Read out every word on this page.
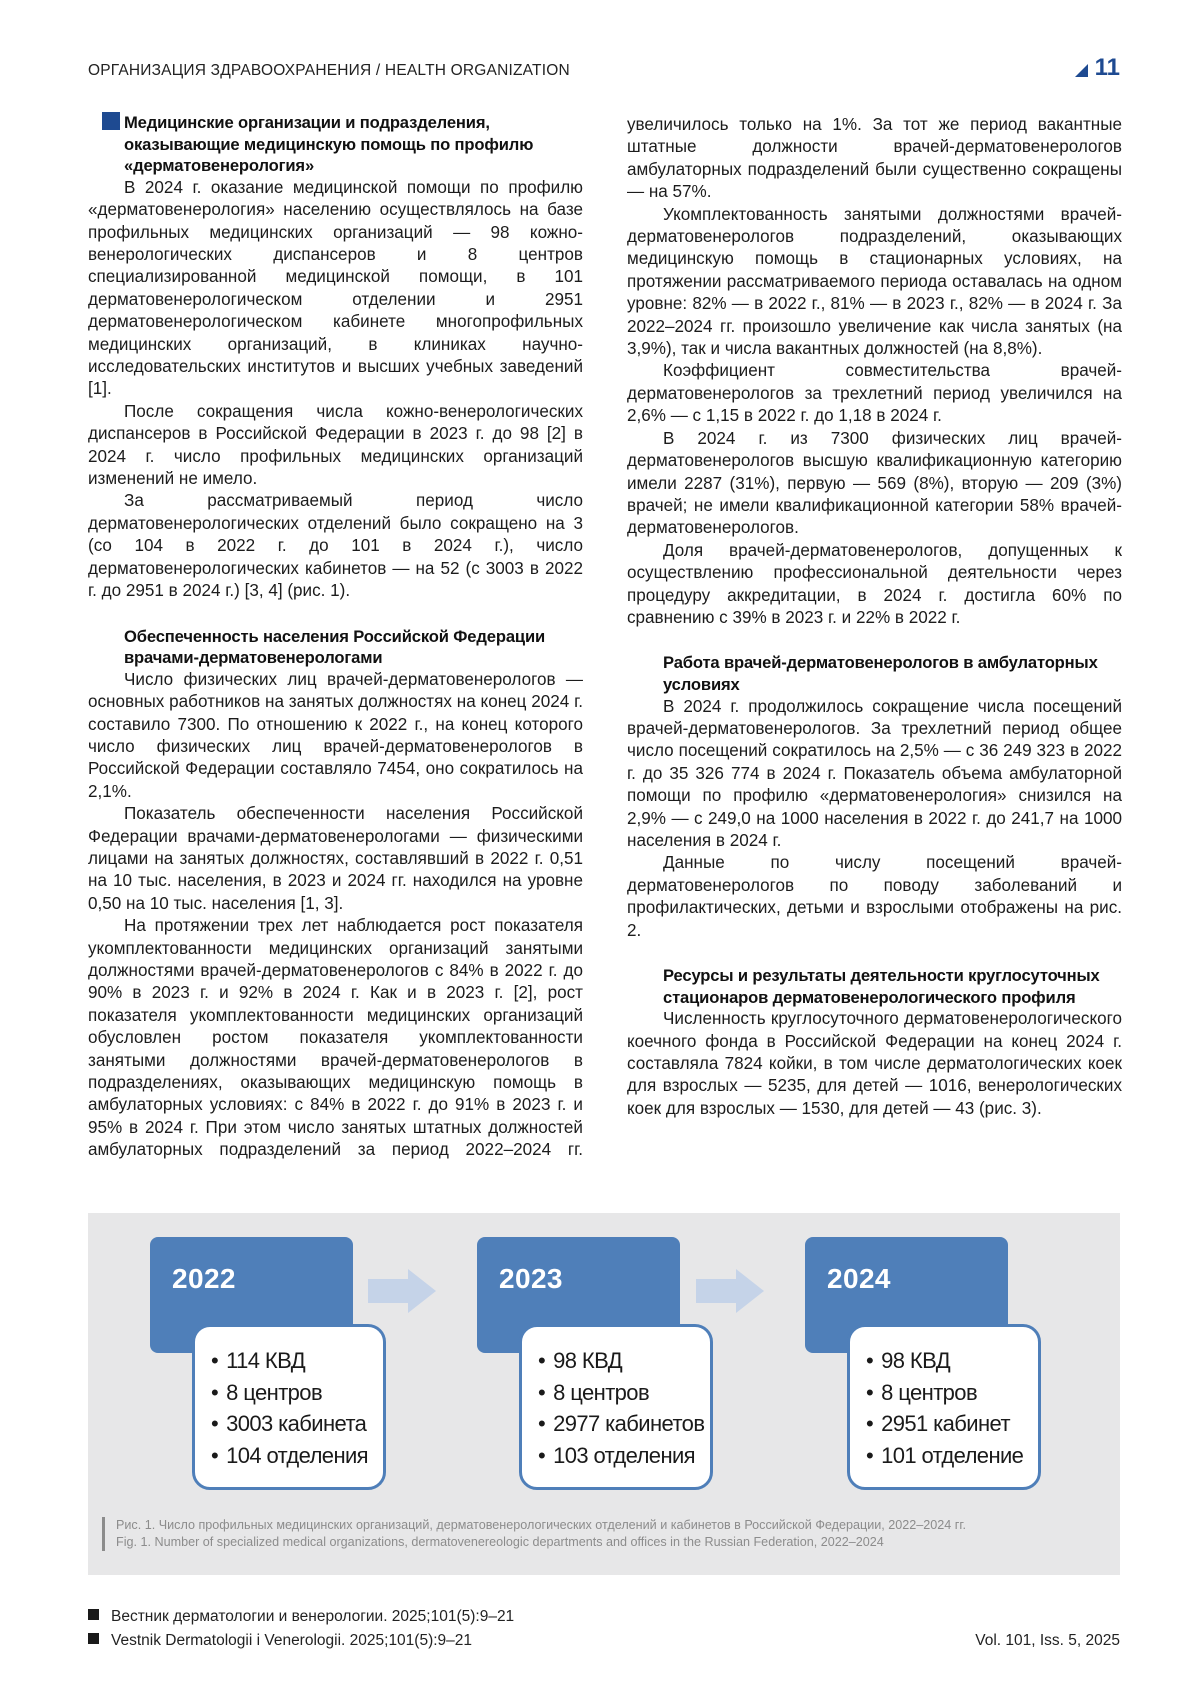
ОРГАНИЗАЦИЯ ЗДРАВООХРАНЕНИЯ / HEALTH ORGANIZATION	11
Медицинские организации и подразделения, оказывающие медицинскую помощь по профилю «дерматовенерология»

В 2024 г. оказание медицинской помощи по профилю «дерматовенерология» населению осуществлялось на базе профильных медицинских организаций — 98 кожно-венерологических диспансеров и 8 центров специализированной медицинской помощи, в 101 дерматовенерологическом отделении и 2951 дерматовенерологическом кабинете многопрофильных медицинских организаций, в клиниках научно-исследовательских институтов и высших учебных заведений [1].

После сокращения числа кожно-венерологических диспансеров в Российской Федерации в 2023 г. до 98 [2] в 2024 г. число профильных медицинских организаций изменений не имело.

За рассматриваемый период число дерматовенерологических отделений было сокращено на 3 (со 104 в 2022 г. до 101 в 2024 г.), число дерматовенерологических кабинетов — на 52 (с 3003 в 2022 г. до 2951 в 2024 г.) [3, 4] (рис. 1).

Обеспеченность населения Российской Федерации врачами-дерматовенерологами

Число физических лиц врачей-дерматовенерологов — основных работников на занятых должностях на конец 2024 г. составило 7300. По отношению к 2022 г., на конец которого число физических лиц врачей-дерматовенерологов в Российской Федерации составляло 7454, оно сократилось на 2,1%.

Показатель обеспеченности населения Российской Федерации врачами-дерматовенерологами — физическими лицами на занятых должностях, составлявший в 2022 г. 0,51 на 10 тыс. населения, в 2023 и 2024 гг. находился на уровне 0,50 на 10 тыс. населения [1, 3].

На протяжении трех лет наблюдается рост показателя укомплектованности медицинских организаций занятыми должностями врачей-дерматовенерологов с 84% в 2022 г. до 90% в 2023 г. и 92% в 2024 г. Как и в 2023 г. [2], рост показателя укомплектованности медицинских организаций обусловлен ростом показателя укомплектованности занятыми должностями врачей-дерматовенерологов в подразделениях, оказывающих медицинскую помощь в амбулаторных условиях: с 84% в 2022 г. до 91% в 2023 г. и 95% в 2024 г. При этом число занятых штатных должностей амбулаторных подразделений за период 2022–2024 гг.

увеличилось только на 1%. За тот же период вакантные штатные должности врачей-дерматовенерологов амбулаторных подразделений были существенно сокращены — на 57%.

Укомплектованность занятыми должностями врачей-дерматовенерологов подразделений, оказывающих медицинскую помощь в стационарных условиях, на протяжении рассматриваемого периода оставалась на одном уровне: 82% — в 2022 г., 81% — в 2023 г., 82% — в 2024 г. За 2022–2024 гг. произошло увеличение как числа занятых (на 3,9%), так и числа вакантных должностей (на 8,8%).

Коэффициент совместительства врачей-дерматовенерологов за трехлетний период увеличился на 2,6% — с 1,15 в 2022 г. до 1,18 в 2024 г.

В 2024 г. из 7300 физических лиц врачей-дерматовенерологов высшую квалификационную категорию имели 2287 (31%), первую — 569 (8%), вторую — 209 (3%) врачей; не имели квалификационной категории 58% врачей-дерматовенерологов.

Доля врачей-дерматовенерологов, допущенных к осуществлению профессиональной деятельности через процедуру аккредитации, в 2024 г. достигла 60% по сравнению с 39% в 2023 г. и 22% в 2022 г.

Работа врачей-дерматовенерологов в амбулаторных условиях

В 2024 г. продолжилось сокращение числа посещений врачей-дерматовенерологов. За трехлетний период общее число посещений сократилось на 2,5% — с 36 249 323 в 2022 г. до 35 326 774 в 2024 г. Показатель объема амбулаторной помощи по профилю «дерматовенерология» снизился на 2,9% — с 249,0 на 1000 населения в 2022 г. до 241,7 на 1000 населения в 2024 г.

Данные по числу посещений врачей-дерматовенерологов по поводу заболеваний и профилактических, детьми и взрослыми отображены на рис. 2.

Ресурсы и результаты деятельности круглосуточных стационаров дерматовенерологического профиля

Численность круглосуточного дерматовенерологического коечного фонда в Российской Федерации на конец 2024 г. составляла 7824 койки, в том числе дерматологических коек для взрослых — 5235, для детей — 1016, венерологических коек для взрослых — 1530, для детей — 43 (рис. 3).

2022
• 114 КВД
• 8 центров
• 3003 кабинета
• 104 отделения
2023
• 98 КВД
• 8 центров
• 2977 кабинетов
• 103 отделения
2024
• 98 КВД
• 8 центров
• 2951 кабинет
• 101 отделение
Рис. 1. Число профильных медицинских организаций, дерматовенерологических отделений и кабинетов в Российской Федерации, 2022–2024 гг.
Fig. 1. Number of specialized medical organizations, dermatovenereologic departments and offices in the Russian Federation, 2022–2024
Вестник дерматологии и венерологии. 2025;101(5):9–21
Vestnik Dermatologii i Venerologii. 2025;101(5):9–21	Vol. 101, Iss. 5, 2025
